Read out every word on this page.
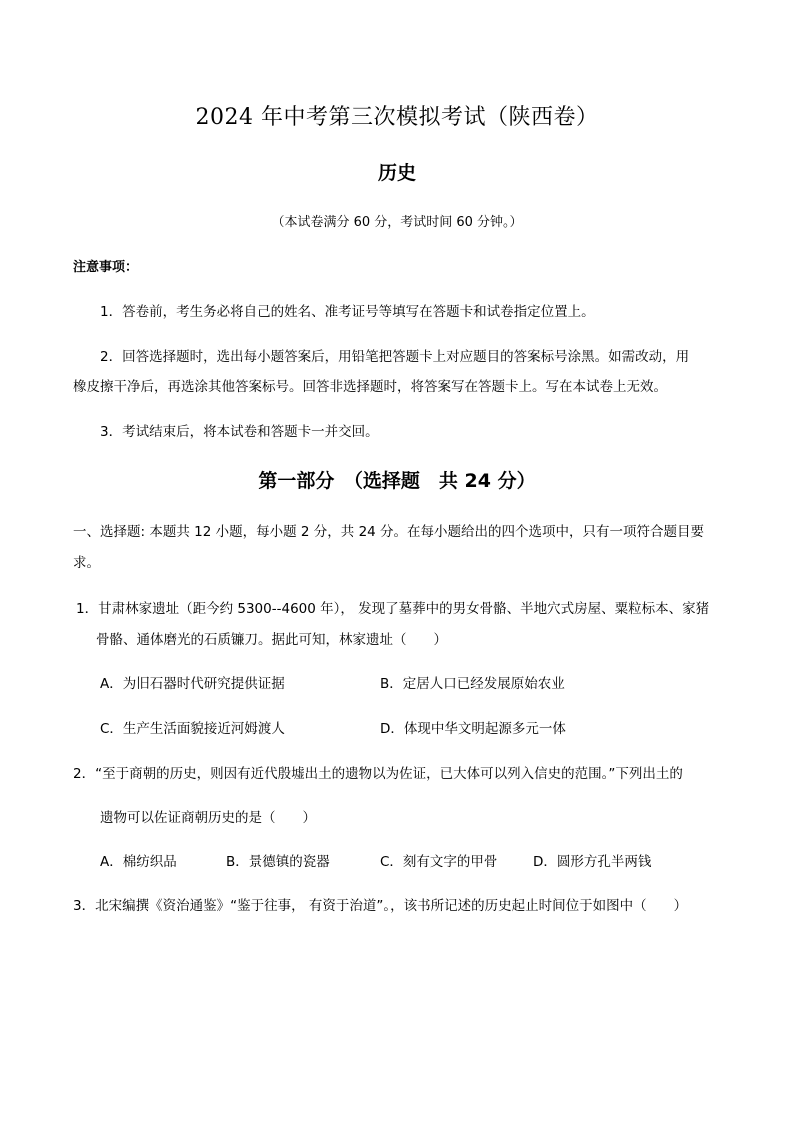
2024 年中考第三次模拟考试（陕西卷）
历史
（本试卷满分 60 分，考试时间 60 分钟。）
注意事项：
1．答卷前，考生务必将自己的姓名、准考证号等填写在答题卡和试卷指定位置上。
2．回答选择题时，选出每小题答案后，用铅笔把答题卡上对应题目的答案标号涂黑。如需改动，用
橡皮擦干净后，再选涂其他答案标号。回答非选择题时，将答案写在答题卡上。写在本试卷上无效。
3．考试结束后，将本试卷和答题卡一并交回。
第一部分　（选择题　共 24 分）
一、选择题: 本题共 12 小题，每小题 2 分，共 24 分。在每小题给出的四个选项中，只有一项符合题目要
求。
1．甘肃林家遗址（距今约 5300--4600 年）， 发现了墓葬中的男女骨骼、半地穴式房屋、粟粒标本、家猪
骨骼、通体磨光的石质镰刀。据此可知，林家遗址（　　）
A．为旧石器时代研究提供证据	B．定居人口已经发展原始农业
C．生产生活面貌接近河姆渡人	D．体现中华文明起源多元一体
2．“至于商朝的历史，则因有近代殷墟出土的遗物以为佐证，已大体可以列入信史的范围。”下列出土的
遗物可以佐证商朝历史的是（　　）
A．棉纺织品	B．景德镇的瓷器	C．刻有文字的甲骨	D．圆形方孔半两钱
3．北宋编撰《资治通鉴》“鉴于往事， 有资于治道”。，该书所记述的历史起止时间位于如图中（　　）
